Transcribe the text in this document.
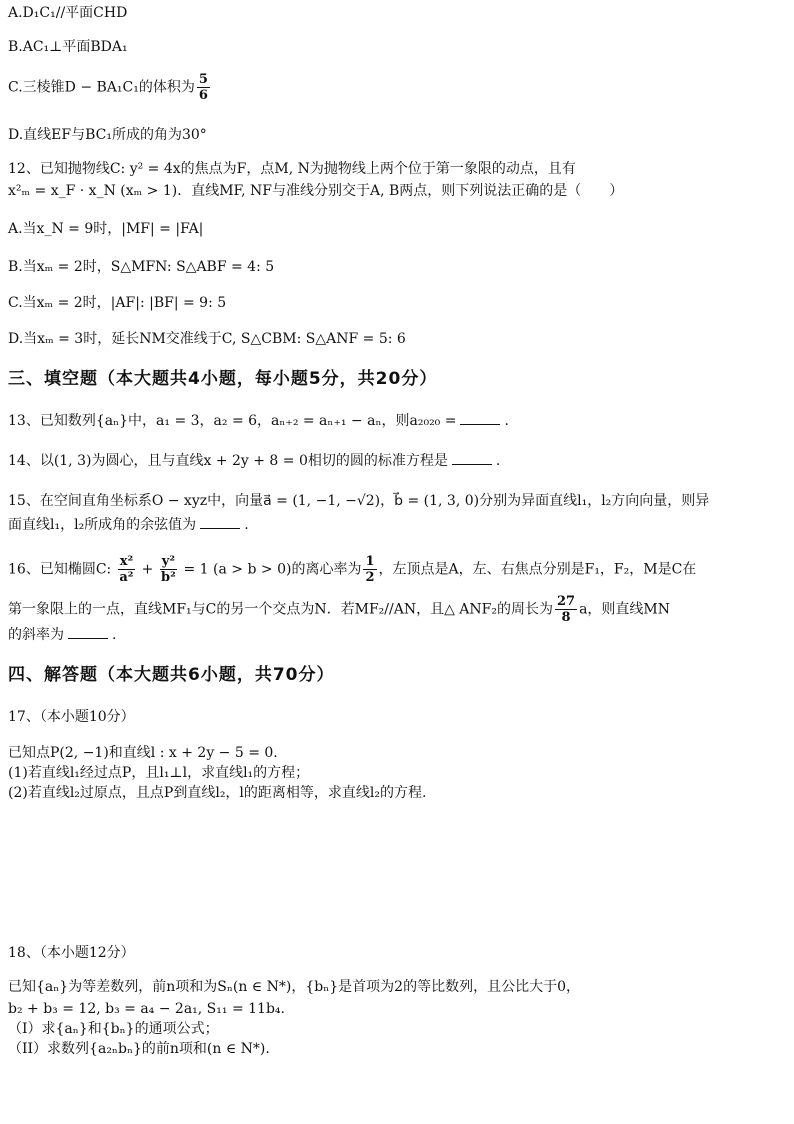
A.D₁C₁//平面CHD
B.AC₁⊥平面BDA₁
C.三棱锥D − BA₁C₁的体积为 $\frac{5}{6}$
D.直线EF与BC₁所成的角为30°
12、已知抛物线C: y² = 4x的焦点为F，点M, N为抛物线上两个位于第一象限的动点，且有
x²ₘ = x_F · x_N (xₘ > 1)．直线MF, NF与准线分别交于A, B两点，则下列说法正确的是（　　）
A.当x_N = 9时，|MF| = |FA|
B.当xₘ = 2时，S△MFN: S△ABF = 4: 5
C.当xₘ = 2时，|AF|: |BF| = 9: 5
D.当xₘ = 3时，延长NM交准线于C, S△CBM: S△ANF = 5: 6
三、填空题（本大题共4小题，每小题5分，共20分）
13、已知数列{aₙ}中，a₁ = 3，a₂ = 6，aₙ₊₂ = aₙ₊₁ − aₙ，则a₂₀₂₀ =	.
14、以(1, 3)为圆心，且与直线x + 2y + 8 = 0相切的圆的标准方程是	.
15、在空间直角坐标系O − xyz中，向量a⃗ = (1, −1, −√2)，b⃗ = (1, 3, 0)分别为异面直线l₁，l₂方向向量，则异
面直线l₁，l₂所成角的余弦值为	.
16、已知椭圆C: $\frac{\text{x²}}{\text{a²}} + \frac{\text{y²}}{\text{b²}} = 1$ (a > b > 0)的离心率为 $\frac{1}{2}$ ，左顶点是A，左、右焦点分别是F₁，F₂，M是C在
第一象限上的一点，直线MF₁与C的另一个交点为N．若MF₂//AN，且△ ANF₂的周长为 $\frac{27}{8}$ a，则直线MN
的斜率为	.
四、解答题（本大题共6小题，共70分）
17、（本小题10分）
已知点P(2, −1)和直线l : x + 2y − 5 = 0.
(1)若直线l₁经过点P，且l₁⊥l，求直线l₁的方程；
(2)若直线l₂过原点，且点P到直线l₂，l的距离相等，求直线l₂的方程.
18、（本小题12分）
已知{aₙ}为等差数列，前n项和为Sₙ(n ∈ N*)，{bₙ}是首项为2的等比数列，且公比大于0，
b₂ + b₃ = 12, b₃ = a₄ − 2a₁, S₁₁ = 11b₄.
（I）求{aₙ}和{bₙ}的通项公式；
（II）求数列{a₂ₙbₙ}的前n项和(n ∈ N*).
